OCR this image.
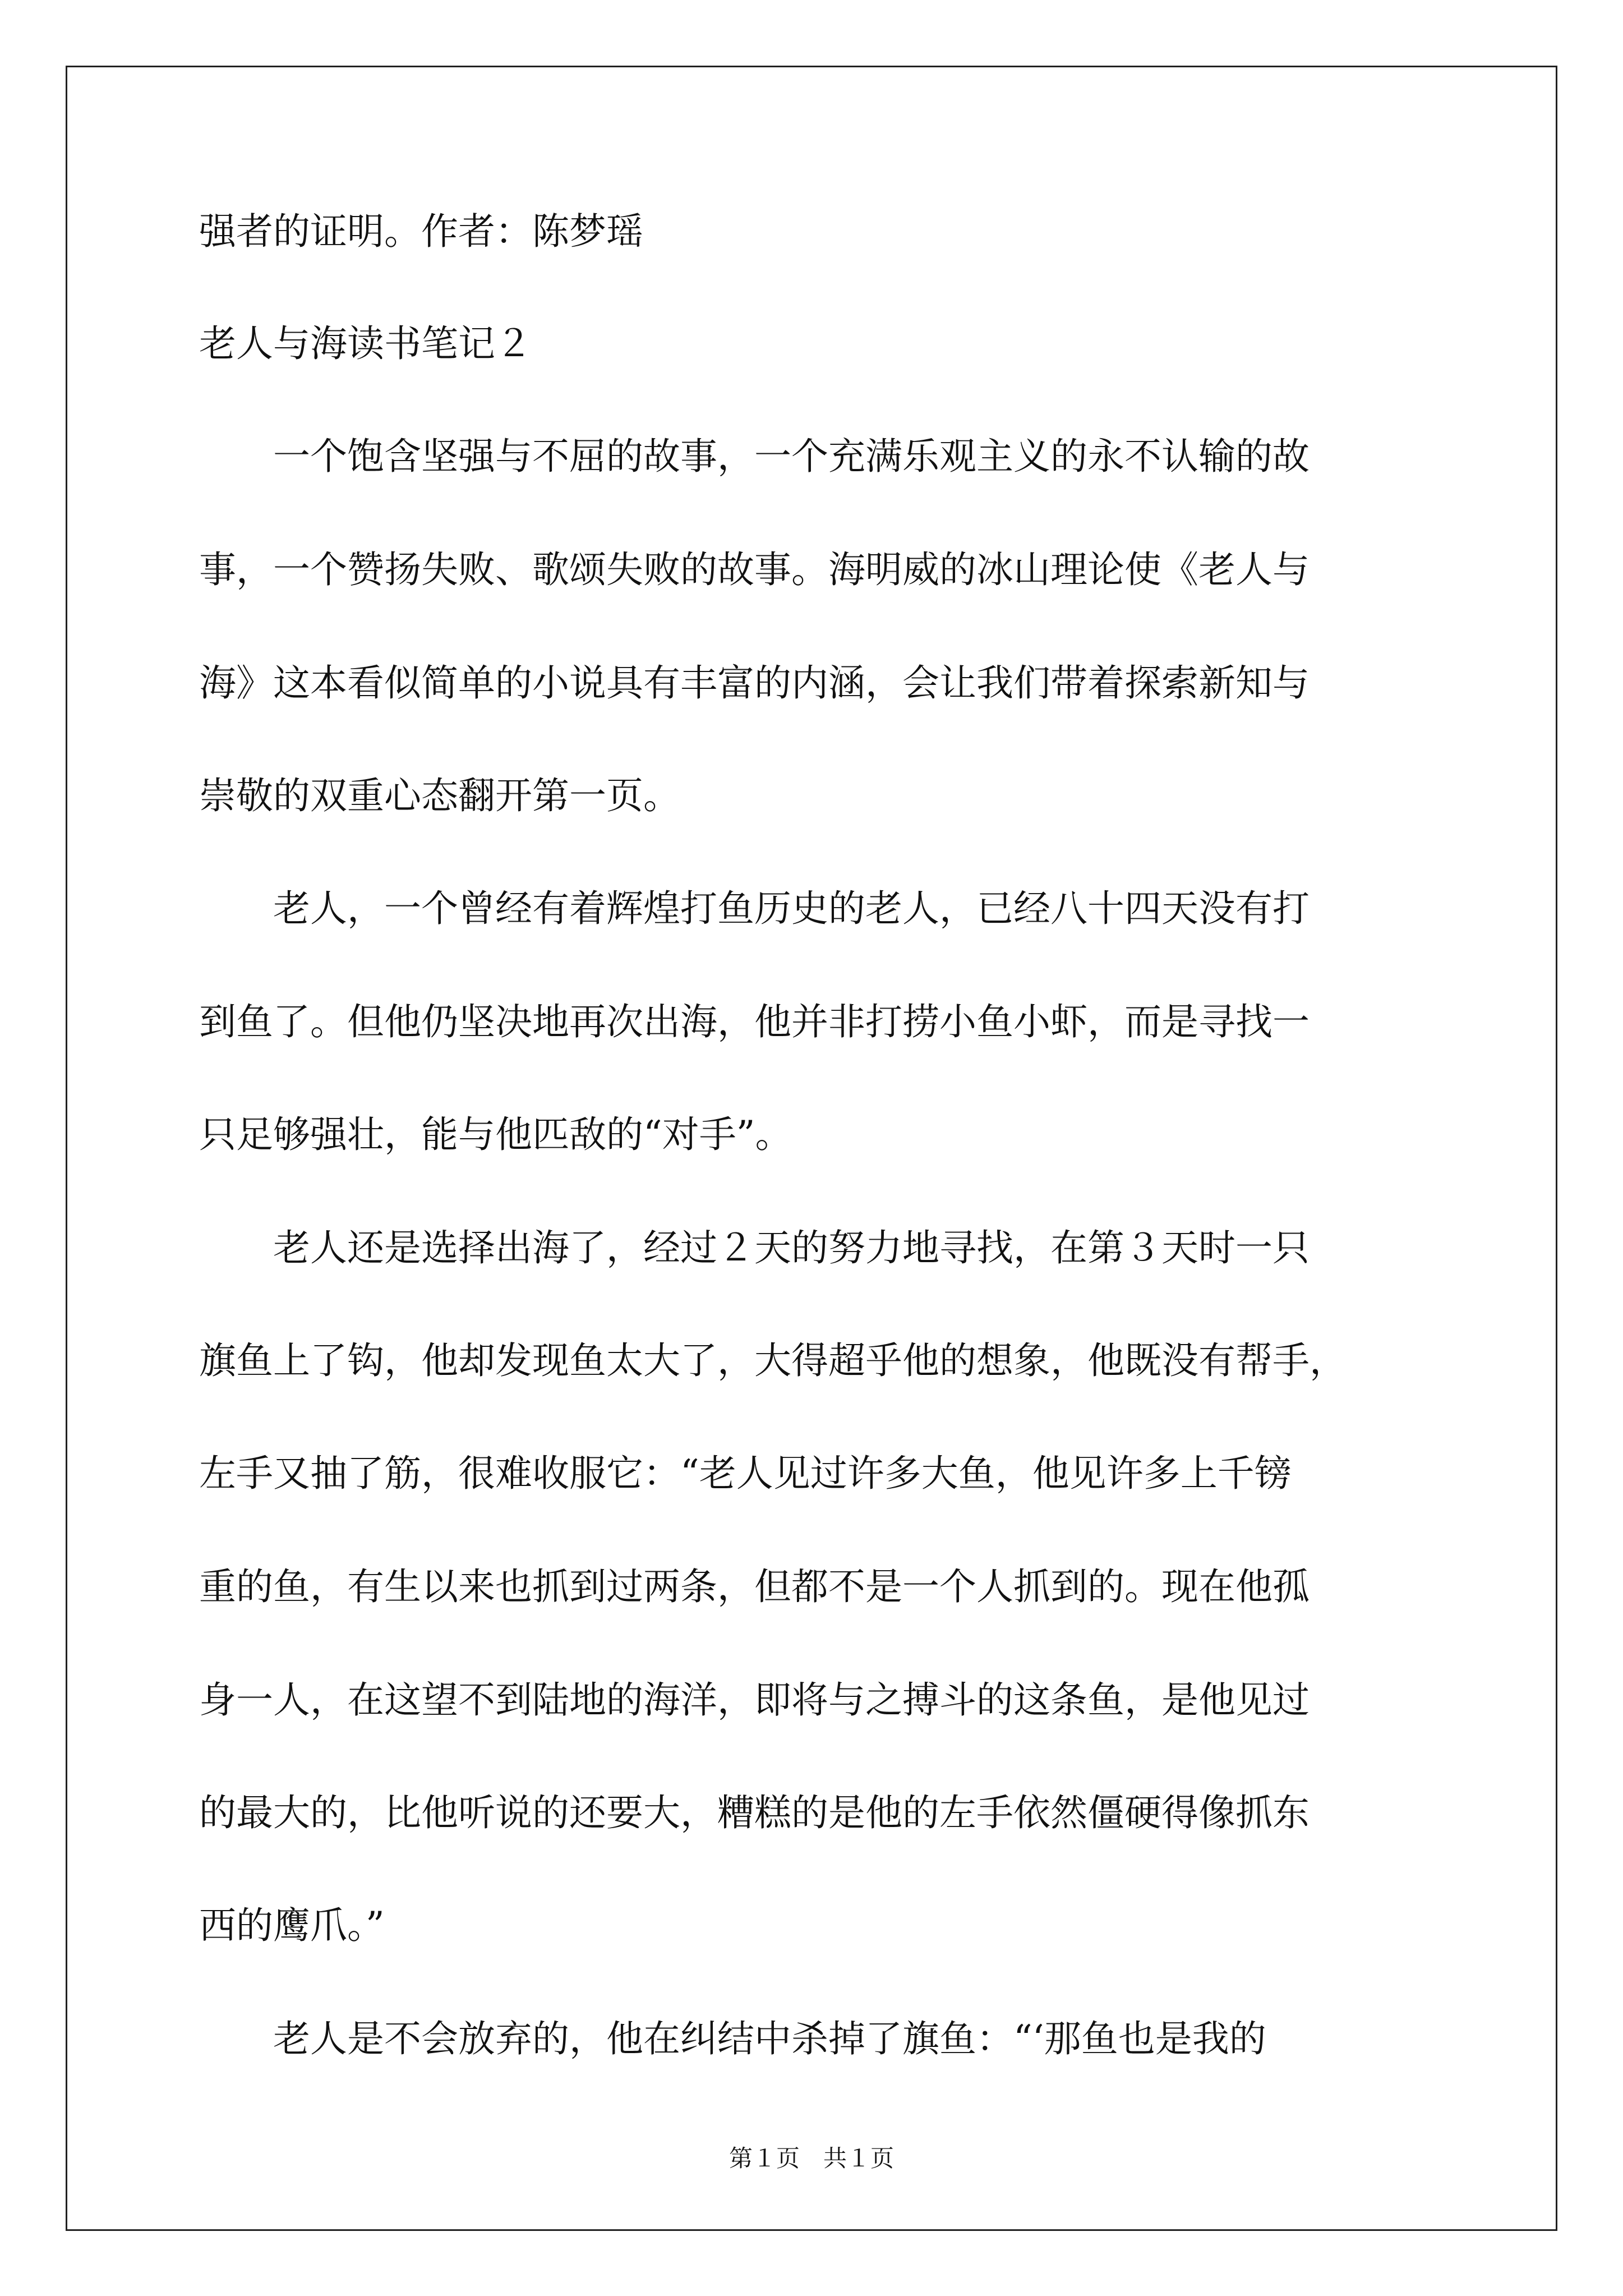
强者的证明。作者：陈梦瑶
老人与海读书笔记２
　　一个饱含坚强与不屈的故事，一个充满乐观主义的永不认输的故
事，一个赞扬失败、歌颂失败的故事。海明威的冰山理论使《老人与
海》这本看似简单的小说具有丰富的内涵，会让我们带着探索新知与
崇敬的双重心态翻开第一页。
　　老人，一个曾经有着辉煌打鱼历史的老人，已经八十四天没有打
到鱼了。但他仍坚决地再次出海，他并非打捞小鱼小虾，而是寻找一
只足够强壮，能与他匹敌的“对手”。
　　老人还是选择出海了，经过２天的努力地寻找，在第３天时一只
旗鱼上了钩，他却发现鱼太大了，大得超乎他的想象，他既没有帮手，
左手又抽了筋，很难收服它：“老人见过许多大鱼，他见许多上千镑
重的鱼，有生以来也抓到过两条，但都不是一个人抓到的。现在他孤
身一人，在这望不到陆地的海洋，即将与之搏斗的这条鱼，是他见过
的最大的，比他听说的还要大，糟糕的是他的左手依然僵硬得像抓东
西的鹰爪。”
　　老人是不会放弃的，他在纠结中杀掉了旗鱼：“‘那鱼也是我的
第１页　共１页
